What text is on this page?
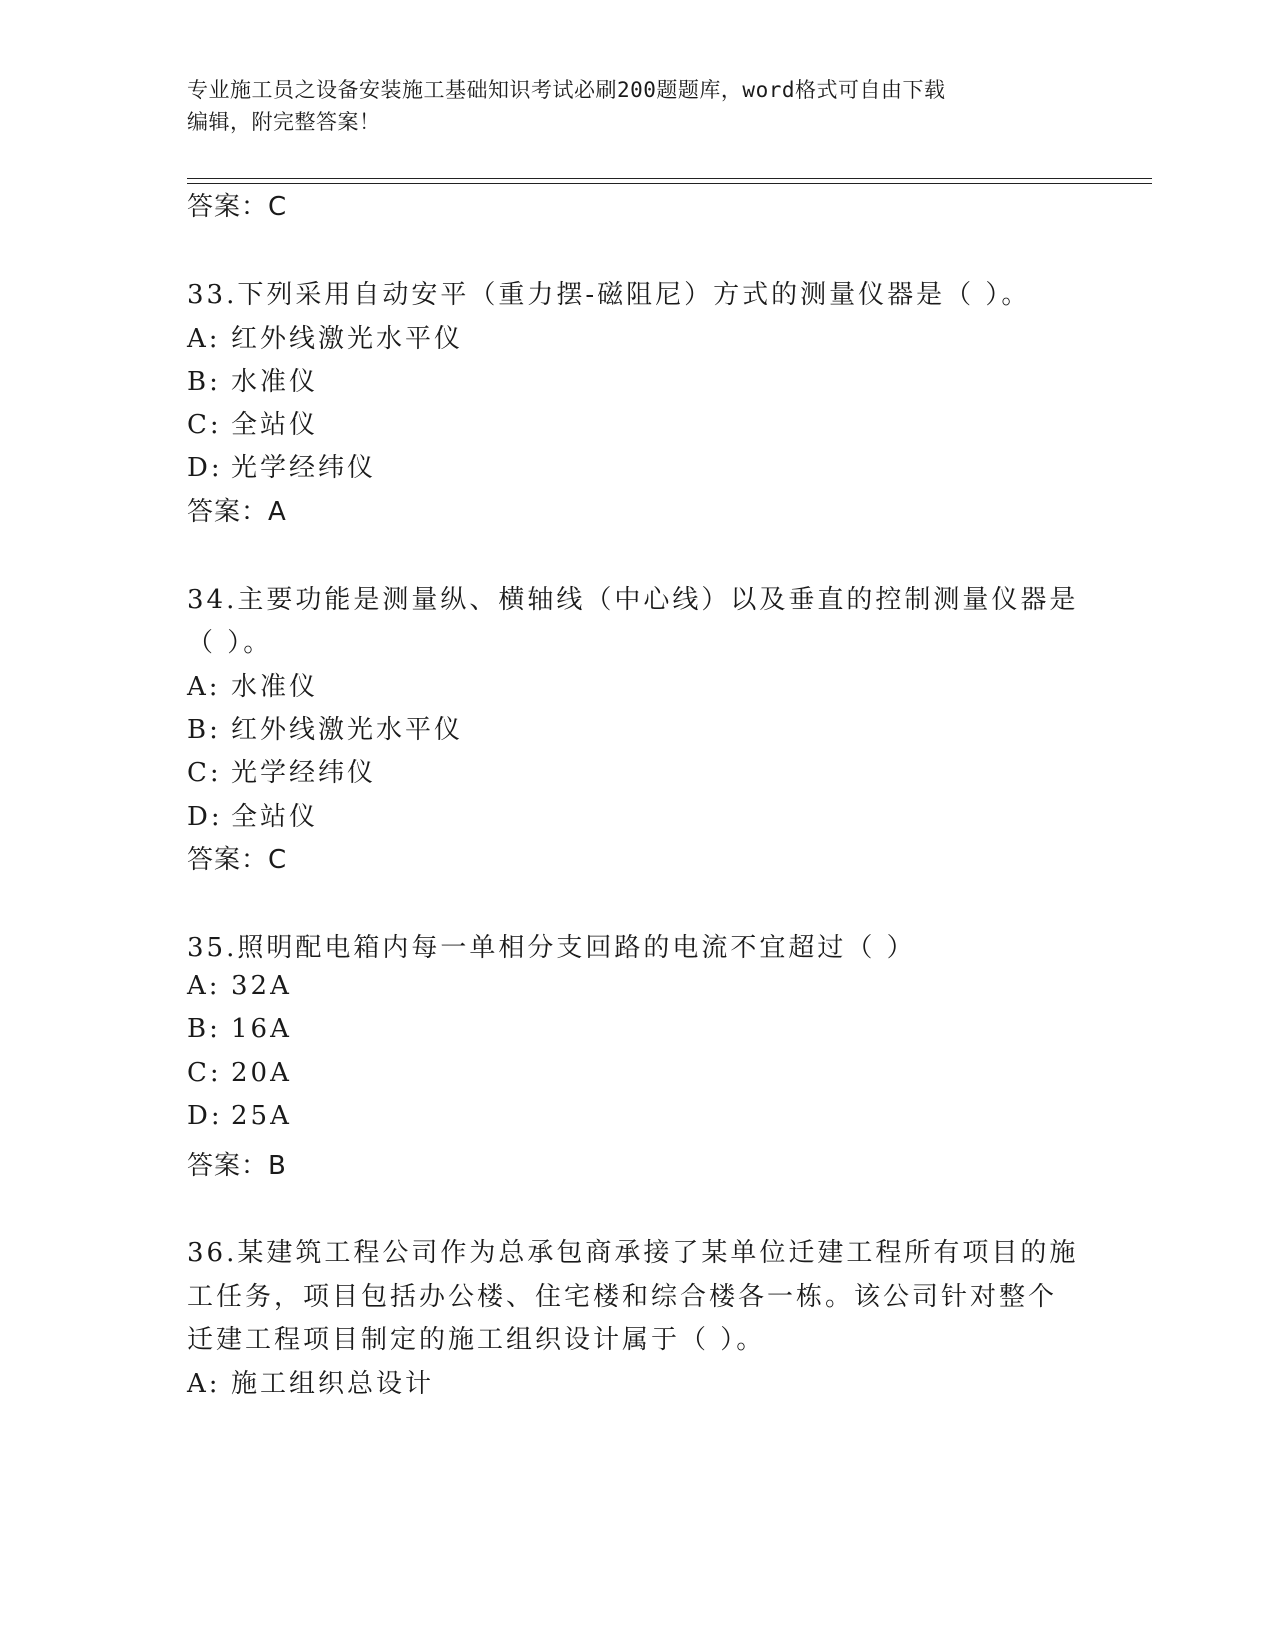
专业施工员之设备安装施工基础知识考试必刷200题题库，word格式可自由下载
编辑，附完整答案！
答案：C
33.下列采用自动安平（重力摆-磁阻尼）方式的测量仪器是（ ）。
A: 红外线激光水平仪
B: 水准仪
C: 全站仪
D: 光学经纬仪
答案：A
34.主要功能是测量纵、横轴线（中心线）以及垂直的控制测量仪器是
（ ）。
A: 水准仪
B: 红外线激光水平仪
C: 光学经纬仪
D: 全站仪
答案：C
35.照明配电箱内每一单相分支回路的电流不宜超过（ ）
A: 32A
B: 16A
C: 20A
D: 25A
答案：B
36.某建筑工程公司作为总承包商承接了某单位迁建工程所有项目的施
工任务，项目包括办公楼、住宅楼和综合楼各一栋。该公司针对整个
迁建工程项目制定的施工组织设计属于（ ）。
A: 施工组织总设计
